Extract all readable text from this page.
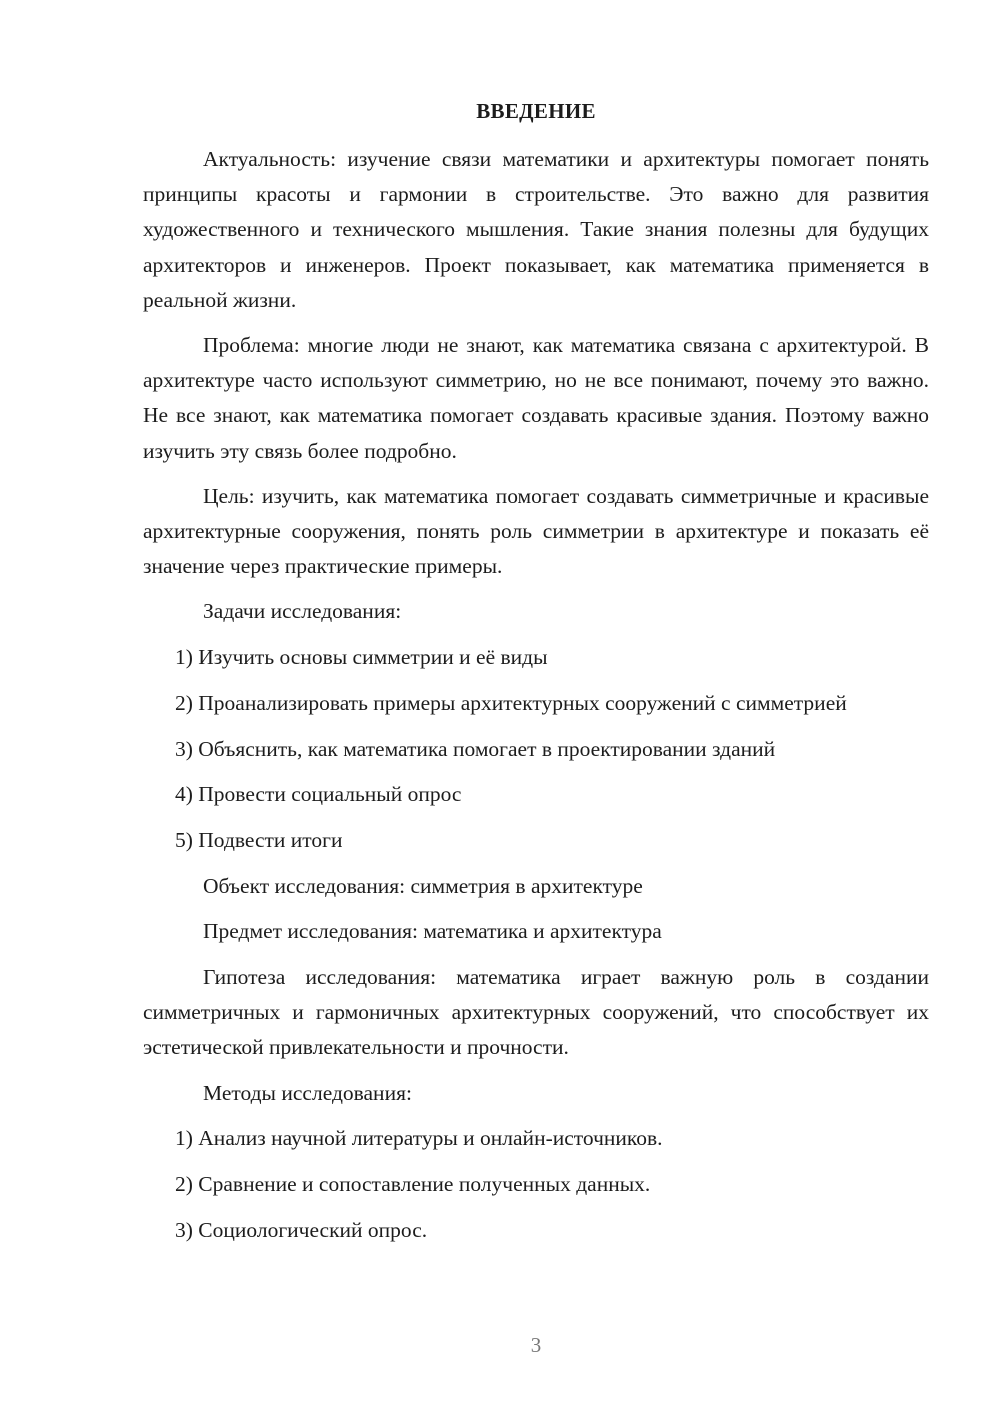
ВВЕДЕНИЕ

Актуальность: изучение связи математики и архитектуры помогает понять принципы красоты и гармонии в строительстве. Это важно для развития художественного и технического мышления. Такие знания полезны для будущих архитекторов и инженеров. Проект показывает, как математика применяется в реальной жизни.

Проблема: многие люди не знают, как математика связана с архитектурой. В архитектуре часто используют симметрию, но не все понимают, почему это важно. Не все знают, как математика помогает создавать красивые здания. Поэтому важно изучить эту связь более подробно.

Цель: изучить, как математика помогает создавать симметричные и красивые архитектурные сооружения, понять роль симметрии в архитектуре и показать её значение через практические примеры.

Задачи исследования:

1) Изучить основы симметрии и её виды

2) Проанализировать примеры архитектурных сооружений с симметрией

3) Объяснить, как математика помогает в проектировании зданий

4) Провести социальный опрос

5) Подвести итоги

Объект исследования: симметрия в архитектуре

Предмет исследования: математика и архитектура

Гипотеза исследования: математика играет важную роль в создании симметричных и гармоничных архитектурных сооружений, что способствует их эстетической привлекательности и прочности.

Методы исследования:

1) Анализ научной литературы и онлайн-источников.

2) Сравнение и сопоставление полученных данных.

3) Социологический опрос.

3
